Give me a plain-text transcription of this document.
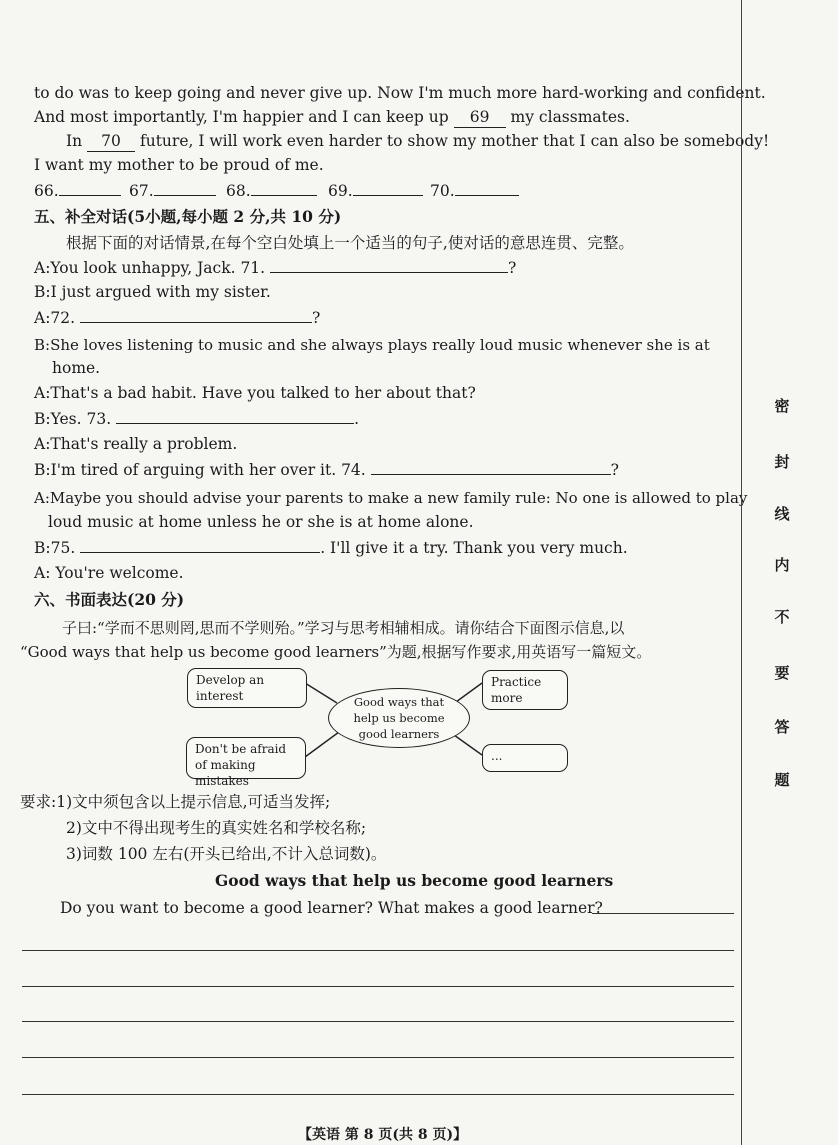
to do was to keep going and never give up. Now I'm much more hard-working and confident.
And most importantly, I'm happier and I can keep up 69 my classmates.
In 70 future, I will work even harder to show my mother that I can also be somebody!
I want my mother to be proud of me.
66.	67.	68.	69.	70.
五、补全对话(5小题,每小题 2 分,共 10 分)
根据下面的对话情景,在每个空白处填上一个适当的句子,使对话的意思连贯、完整。
A:You look unhappy, Jack. 71.	?
B:I just argued with my sister.
A:72.	?
B:She loves listening to music and she always plays really loud music whenever she is at
home.
A:That's a bad habit. Have you talked to her about that?
B:Yes. 73.	.
A:That's really a problem.
B:I'm tired of arguing with her over it. 74.	?
A:Maybe you should advise your parents to make a new family rule: No one is allowed to play
loud music at home unless he or she is at home alone.
B:75.	. I'll give it a try. Thank you very much.
A: You're welcome.
六、书面表达(20 分)
子曰:“学而不思则罔,思而不学则殆。”学习与思考相辅相成。请你结合下面图示信息,以
“Good ways that help us become good learners”为题,根据写作要求,用英语写一篇短文。
Develop an interest
Don't be afraid of making mistakes
Good ways that help us become good learners
Practice more
...
要求:1)文中须包含以上提示信息,可适当发挥;
2)文中不得出现考生的真实姓名和学校名称;
3)词数 100 左右(开头已给出,不计入总词数)。
Good ways that help us become good learners
Do you want to become a good learner? What makes a good learner?
密
封
线
内
不
要
答
题
【英语 第 8 页(共 8 页)】
